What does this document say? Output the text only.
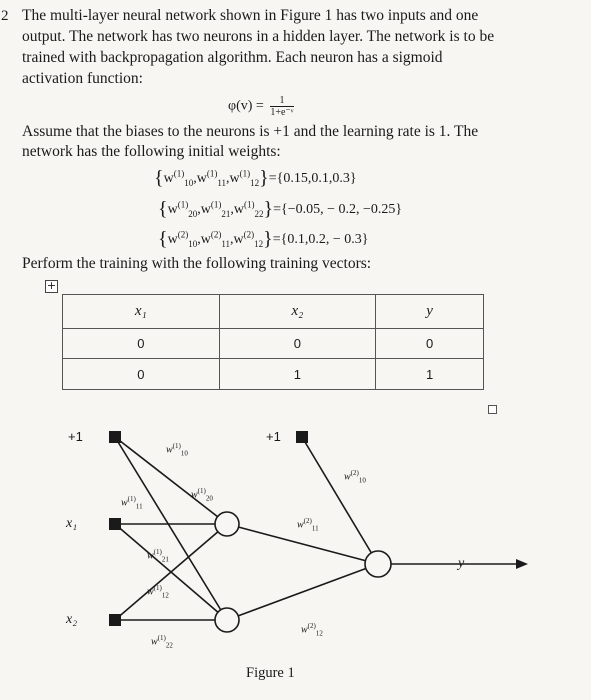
2 The multi-layer neural network shown in Figure 1 has two inputs and one
output. The network has two neurons in a hidden layer. The network is to be
trained with backpropagation algorithm. Each neuron has a sigmoid
activation function:
$\varphi(v) = \frac{1}{\text{1+e⁻ᵛ}}$
Assume that the biases to the neurons is +1 and the learning rate is 1. The
network has the following initial weights:
$\{w^{(1)}_{10},w^{(1)}_{11},w^{(1)}_{12}\}=\{0.15,0.1,0.3\}$
$\{w^{(1)}_{20},w^{(1)}_{21},w^{(1)}_{22}\}=\{-0.05$, − 0.2, −0.25}
$\{w^{(2)}_{10},w^{(2)}_{11},w^{(2)}_{12}\}=\{0.1,0.2$, − 0.3}
Perform the training with the following training vectors:
+
x₁	x₂	y
0	0	0
0	1	1
+1	+1
x₁
x₂
y
$w^{(1)}_{10}$
$w^{(1)}_{20}$
$w^{(1)}_{11}$
$w^{(1)}_{21}$
$w^{(1)}_{12}$
$w^{(1)}_{22}$
$w^{(2)}_{10}$
$w^{(2)}_{11}$
$w^{(2)}_{12}$
Figure 1
